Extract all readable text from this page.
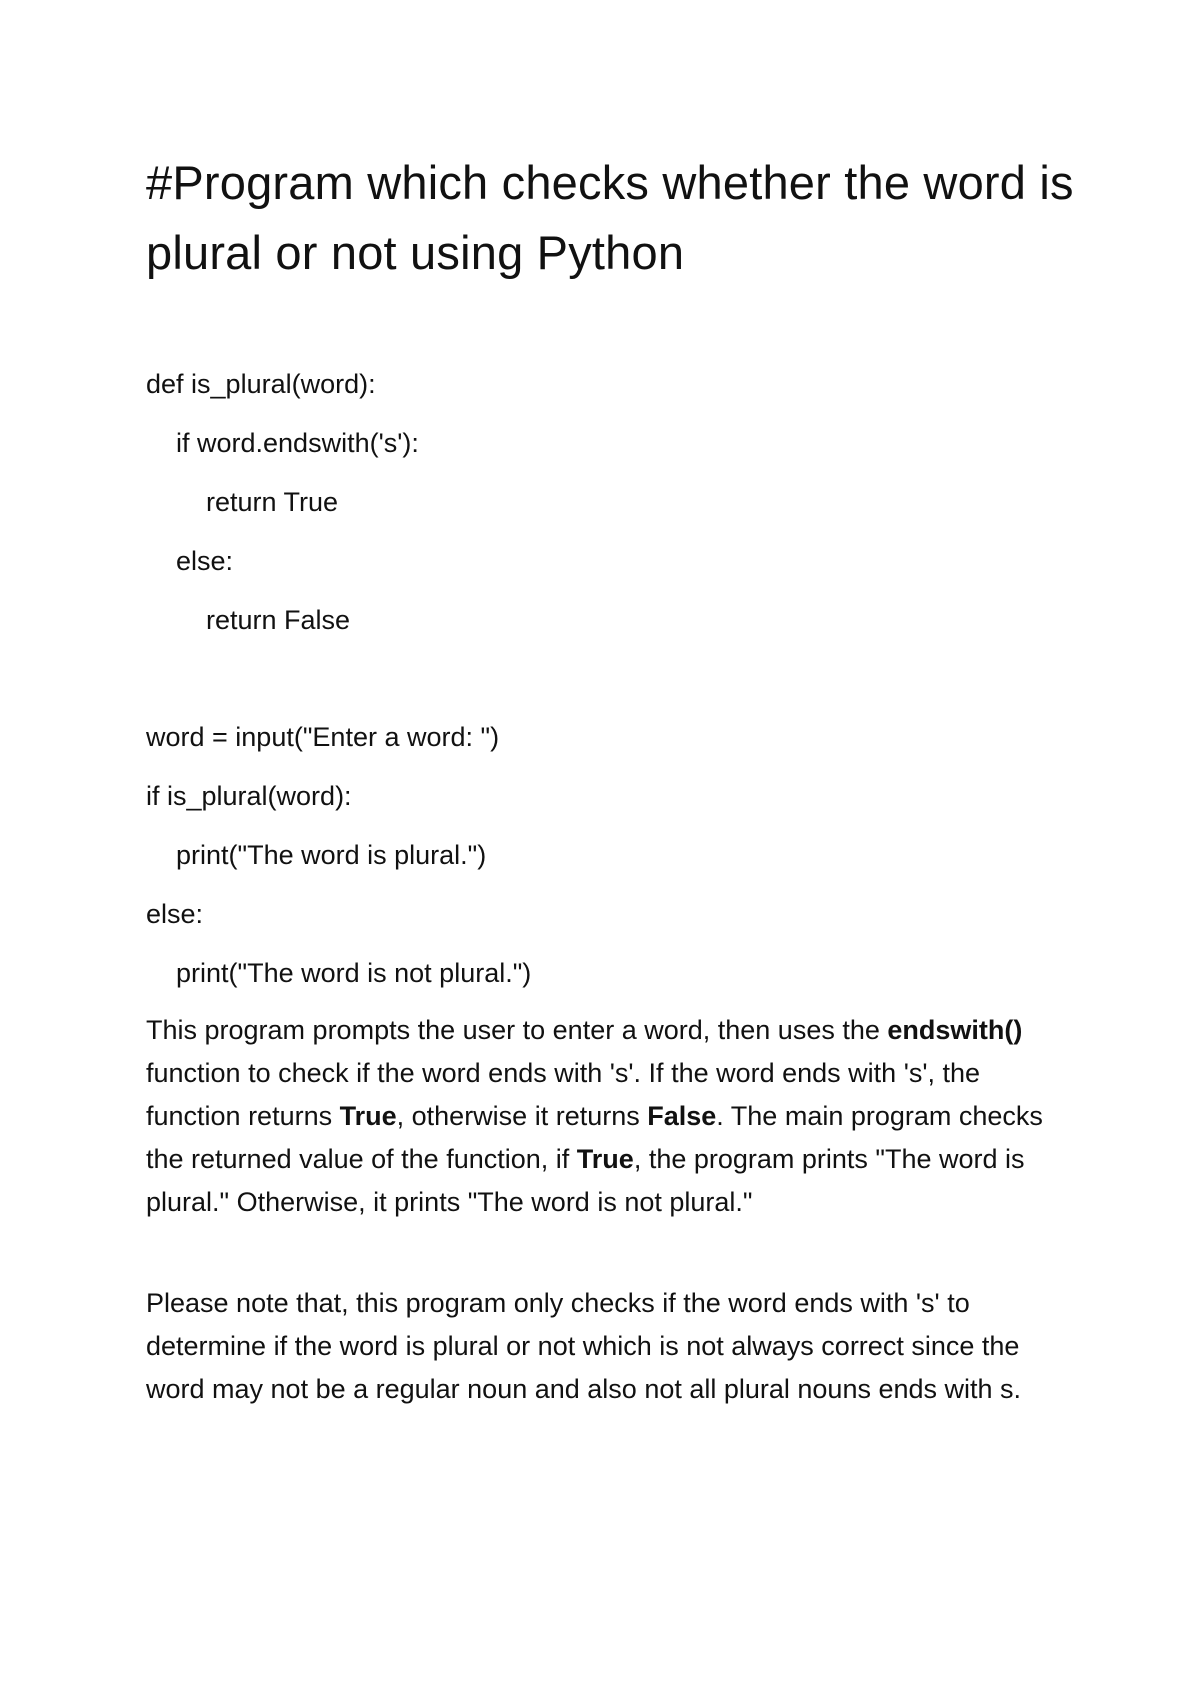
#Program which checks whether the word is plural or not using Python

def is_plural(word):

if word.endswith('s'):

return True

else:

return False

word = input("Enter a word: ")

if is_plural(word):

print("The word is plural.")

else:

print("The word is not plural.")

This program prompts the user to enter a word, then uses the endswith() function to check if the word ends with 's'. If the word ends with 's', the function returns True, otherwise it returns False. The main program checks the returned value of the function, if True, the program prints "The word is plural." Otherwise, it prints "The word is not plural."

Please note that, this program only checks if the word ends with 's' to determine if the word is plural or not which is not always correct since the word may not be a regular noun and also not all plural nouns ends with s.
